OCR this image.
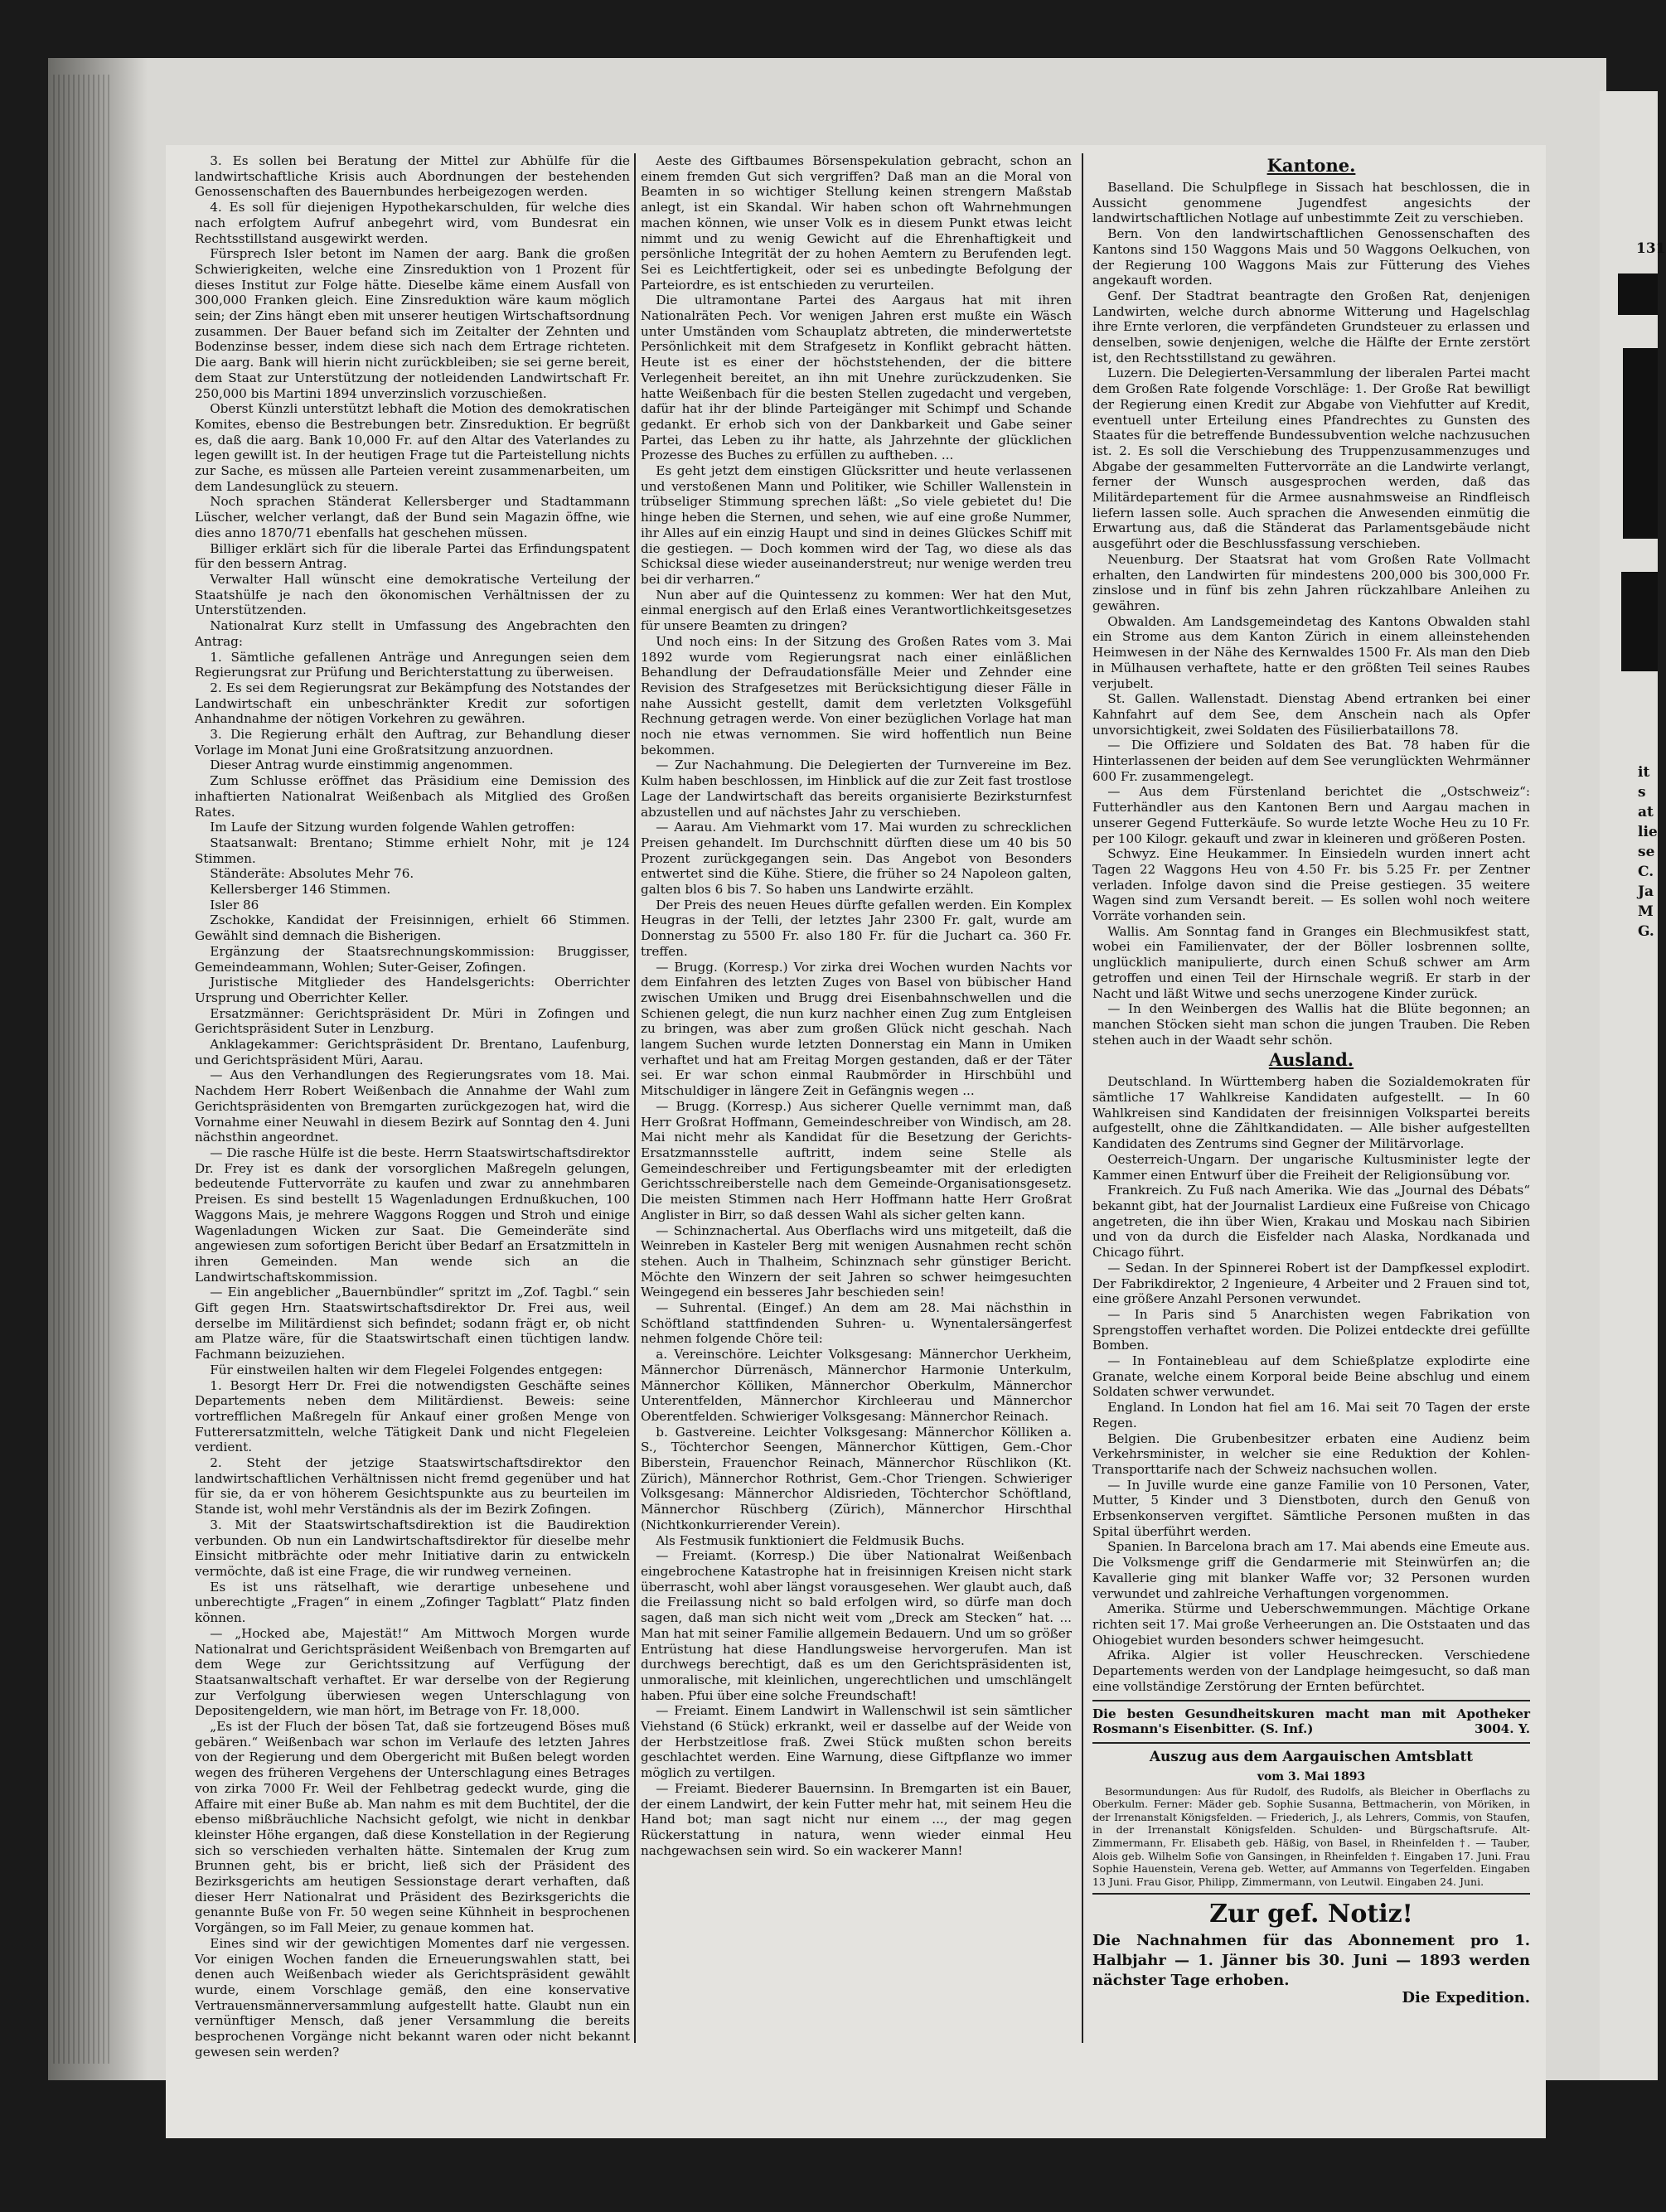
3. Es sollen bei Beratung der Mittel zur Abhülfe für die landwirtschaftliche Krisis auch Abordnungen der bestehenden Genossenschaften des Bauernbundes herbeigezogen werden.

4. Es soll für diejenigen Hypothekarschulden, für welche dies nach erfolgtem Aufruf anbegehrt wird, vom Bundesrat ein Rechtsstillstand ausgewirkt werden.

Fürsprech Isler betont im Namen der aarg. Bank die großen Schwierigkeiten, welche eine Zinsreduktion von 1 Prozent für dieses Institut zur Folge hätte. Dieselbe käme einem Ausfall von 300,000 Franken gleich. Eine Zinsreduktion wäre kaum möglich sein; der Zins hängt eben mit unserer heutigen Wirtschaftsordnung zusammen. Der Bauer befand sich im Zeitalter der Zehnten und Bodenzinse besser, indem diese sich nach dem Ertrage richteten. Die aarg. Bank will hierin nicht zurückbleiben; sie sei gerne bereit, dem Staat zur Unterstützung der notleidenden Landwirtschaft Fr. 250,000 bis Martini 1894 unverzinslich vorzuschießen.

Oberst Künzli unterstützt lebhaft die Motion des demokratischen Komites, ebenso die Bestrebungen betr. Zinsreduktion. Er begrüßt es, daß die aarg. Bank 10,000 Fr. auf den Altar des Vaterlandes zu legen gewillt ist. In der heutigen Frage tut die Parteistellung nichts zur Sache, es müssen alle Parteien vereint zusammenarbeiten, um dem Landesunglück zu steuern.

Noch sprachen Ständerat Kellersberger und Stadtammann Lüscher, welcher verlangt, daß der Bund sein Magazin öffne, wie dies anno 1870/71 ebenfalls hat geschehen müssen.

Billiger erklärt sich für die liberale Partei das Erfindungspatent für den bessern Antrag.

Verwalter Hall wünscht eine demokratische Verteilung der Staatshülfe je nach den ökonomischen Verhältnissen der zu Unterstützenden.

Nationalrat Kurz stellt in Umfassung des Angebrachten den Antrag:

1. Sämtliche gefallenen Anträge und Anregungen seien dem Regierungsrat zur Prüfung und Berichterstattung zu überweisen.

2. Es sei dem Regierungsrat zur Bekämpfung des Notstandes der Landwirtschaft ein unbeschränkter Kredit zur sofortigen Anhandnahme der nötigen Vorkehren zu gewähren.

3. Die Regierung erhält den Auftrag, zur Behandlung dieser Vorlage im Monat Juni eine Großratsitzung anzuordnen.

Dieser Antrag wurde einstimmig angenommen.

Zum Schlusse eröffnet das Präsidium eine Demission des inhaftierten Nationalrat Weißenbach als Mitglied des Großen Rates.

Im Laufe der Sitzung wurden folgende Wahlen getroffen:

Staatsanwalt: Brentano; Stimme erhielt Nohr, mit je 124 Stimmen.

Ständeräte: Absolutes Mehr 76.

Kellersberger 146 Stimmen.

Isler 86

Zschokke, Kandidat der Freisinnigen, erhielt 66 Stimmen. Gewählt sind demnach die Bisherigen.

Ergänzung der Staatsrechnungskommission: Bruggisser, Gemeindeammann, Wohlen; Suter-Geiser, Zofingen.

Juristische Mitglieder des Handelsgerichts: Oberrichter Ursprung und Oberrichter Keller.

Ersatzmänner: Gerichtspräsident Dr. Müri in Zofingen und Gerichtspräsident Suter in Lenzburg.

Anklagekammer: Gerichtspräsident Dr. Brentano, Laufenburg, und Gerichtspräsident Müri, Aarau.

— Aus den Verhandlungen des Regierungsrates vom 18. Mai. Nachdem Herr Robert Weißenbach die Annahme der Wahl zum Gerichtspräsidenten von Bremgarten zurückgezogen hat, wird die Vornahme einer Neuwahl in diesem Bezirk auf Sonntag den 4. Juni nächsthin angeordnet.

— Die rasche Hülfe ist die beste. Herrn Staatswirtschaftsdirektor Dr. Frey ist es dank der vorsorglichen Maßregeln gelungen, bedeutende Futtervorräte zu kaufen und zwar zu annehmbaren Preisen. Es sind bestellt 15 Wagenladungen Erdnußkuchen, 100 Waggons Mais, je mehrere Waggons Roggen und Stroh und einige Wagenladungen Wicken zur Saat. Die Gemeinderäte sind angewiesen zum sofortigen Bericht über Bedarf an Ersatzmitteln in ihren Gemeinden. Man wende sich an die Landwirtschaftskommission.

— Ein angeblicher „Bauernbündler“ spritzt im „Zof. Tagbl.“ sein Gift gegen Hrn. Staatswirtschaftsdirektor Dr. Frei aus, weil derselbe im Militärdienst sich befindet; sodann frägt er, ob nicht am Platze wäre, für die Staatswirtschaft einen tüchtigen landw. Fachmann beizuziehen.

Für einstweilen halten wir dem Flegelei Folgendes entgegen:

1. Besorgt Herr Dr. Frei die notwendigsten Geschäfte seines Departements neben dem Militärdienst. Beweis: seine vortrefflichen Maßregeln für Ankauf einer großen Menge von Futterersatzmitteln, welche Tätigkeit Dank und nicht Flegeleien verdient.

2. Steht der jetzige Staatswirtschaftsdirektor den landwirtschaftlichen Verhältnissen nicht fremd gegenüber und hat für sie, da er von höherem Gesichtspunkte aus zu beurteilen im Stande ist, wohl mehr Verständnis als der im Bezirk Zofingen.

3. Mit der Staatswirtschaftsdirektion ist die Baudirektion verbunden. Ob nun ein Landwirtschaftsdirektor für dieselbe mehr Einsicht mitbrächte oder mehr Initiative darin zu entwickeln vermöchte, daß ist eine Frage, die wir rundweg verneinen.

Es ist uns rätselhaft, wie derartige unbesehene und unberechtigte „Fragen“ in einem „Zofinger Tagblatt“ Platz finden können.

— „Hocked abe, Majestät!“ Am Mittwoch Morgen wurde Nationalrat und Gerichtspräsident Weißenbach von Bremgarten auf dem Wege zur Gerichtssitzung auf Verfügung der Staatsanwaltschaft verhaftet. Er war derselbe von der Regierung zur Verfolgung überwiesen wegen Unterschlagung von Depositengeldern, wie man hört, im Betrage von Fr. 18,000.

„Es ist der Fluch der bösen Tat, daß sie fortzeugend Böses muß gebären.“ Weißenbach war schon im Verlaufe des letzten Jahres von der Regierung und dem Obergericht mit Bußen belegt worden wegen des früheren Vergehens der Unterschlagung eines Betrages von zirka 7000 Fr. Weil der Fehlbetrag gedeckt wurde, ging die Affaire mit einer Buße ab. Man nahm es mit dem Buchtitel, der die ebenso mißbräuchliche Nachsicht gefolgt, wie nicht in denkbar kleinster Höhe ergangen, daß diese Konstellation in der Regierung sich so verschieden verhalten hätte. Sintemalen der Krug zum Brunnen geht, bis er bricht, ließ sich der Präsident des Bezirksgerichts am heutigen Sessionstage derart verhaften, daß dieser Herr Nationalrat und Präsident des Bezirksgerichts die genannte Buße von Fr. 50 wegen seine Kühnheit in besprochenen Vorgängen, so im Fall Meier, zu genaue kommen hat.

Eines sind wir der gewichtigen Momentes darf nie vergessen. Vor einigen Wochen fanden die Erneuerungswahlen statt, bei denen auch Weißenbach wieder als Gerichtspräsident gewählt wurde, einem Vorschlage gemäß, den eine konservative Vertrauensmännerversammlung aufgestellt hatte. Glaubt nun ein vernünftiger Mensch, daß jener Versammlung die bereits besprochenen Vorgänge nicht bekannt waren oder nicht bekannt gewesen sein werden?

Aeste des Giftbaumes Börsenspekulation gebracht, schon an einem fremden Gut sich vergriffen? Daß man an die Moral von Beamten in so wichtiger Stellung keinen strengern Maßstab anlegt, ist ein Skandal. Wir haben schon oft Wahrnehmungen machen können, wie unser Volk es in diesem Punkt etwas leicht nimmt und zu wenig Gewicht auf die Ehrenhaftigkeit und persönliche Integrität der zu hohen Aemtern zu Berufenden legt. Sei es Leichtfertigkeit, oder sei es unbedingte Befolgung der Parteiordre, es ist entschieden zu verurteilen.

Die ultramontane Partei des Aargaus hat mit ihren Nationalräten Pech. Vor wenigen Jahren erst mußte ein Wäsch unter Umständen vom Schauplatz abtreten, die minderwertetste Persönlichkeit mit dem Strafgesetz in Konflikt gebracht hätten. Heute ist es einer der höchststehenden, der die bittere Verlegenheit bereitet, an ihn mit Unehre zurückzudenken. Sie hatte Weißenbach für die besten Stellen zugedacht und vergeben, dafür hat ihr der blinde Parteigänger mit Schimpf und Schande gedankt. Er erhob sich von der Dankbarkeit und Gabe seiner Partei, das Leben zu ihr hatte, als Jahrzehnte der glücklichen Prozesse des Buches zu erfüllen zu auftheben. ...

Es geht jetzt dem einstigen Glücksritter und heute verlassenen und verstoßenen Mann und Politiker, wie Schiller Wallenstein in trübseliger Stimmung sprechen läßt: „So viele gebietet du! Die hinge heben die Sternen, und sehen, wie auf eine große Nummer, ihr Alles auf ein einzig Haupt und sind in deines Glückes Schiff mit die gestiegen. — Doch kommen wird der Tag, wo diese als das Schicksal diese wieder auseinanderstreut; nur wenige werden treu bei dir verharren.“

Nun aber auf die Quintessenz zu kommen: Wer hat den Mut, einmal energisch auf den Erlaß eines Verantwortlichkeitsgesetzes für unsere Beamten zu dringen?

Und noch eins: In der Sitzung des Großen Rates vom 3. Mai 1892 wurde vom Regierungsrat nach einer einläßlichen Behandlung der Defraudationsfälle Meier und Zehnder eine Revision des Strafgesetzes mit Berücksichtigung dieser Fälle in nahe Aussicht gestellt, damit dem verletzten Volksgefühl Rechnung getragen werde. Von einer bezüglichen Vorlage hat man noch nie etwas vernommen. Sie wird hoffentlich nun Beine bekommen.

— Zur Nachahmung. Die Delegierten der Turnvereine im Bez. Kulm haben beschlossen, im Hinblick auf die zur Zeit fast trostlose Lage der Landwirtschaft das bereits organisierte Bezirksturnfest abzustellen und auf nächstes Jahr zu verschieben.

— Aarau. Am Viehmarkt vom 17. Mai wurden zu schrecklichen Preisen gehandelt. Im Durchschnitt dürften diese um 40 bis 50 Prozent zurückgegangen sein. Das Angebot von Besonders entwertet sind die Kühe. Stiere, die früher so 24 Napoleon galten, galten blos 6 bis 7. So haben uns Landwirte erzählt.

Der Preis des neuen Heues dürfte gefallen werden. Ein Komplex Heugras in der Telli, der letztes Jahr 2300 Fr. galt, wurde am Donnerstag zu 5500 Fr. also 180 Fr. für die Juchart ca. 360 Fr. treffen.

— Brugg. (Korresp.) Vor zirka drei Wochen wurden Nachts vor dem Einfahren des letzten Zuges von Basel von bübischer Hand zwischen Umiken und Brugg drei Eisenbahnschwellen und die Schienen gelegt, die nun kurz nachher einen Zug zum Entgleisen zu bringen, was aber zum großen Glück nicht geschah. Nach langem Suchen wurde letzten Donnerstag ein Mann in Umiken verhaftet und hat am Freitag Morgen gestanden, daß er der Täter sei. Er war schon einmal Raubmörder in Hirschbühl und Mitschuldiger in längere Zeit in Gefängnis wegen ...

— Brugg. (Korresp.) Aus sicherer Quelle vernimmt man, daß Herr Großrat Hoffmann, Gemeindeschreiber von Windisch, am 28. Mai nicht mehr als Kandidat für die Besetzung der Gerichts-Ersatzmannsstelle auftritt, indem seine Stelle als Gemeindeschreiber und Fertigungsbeamter mit der erledigten Gerichtsschreiberstelle nach dem Gemeinde-Organisationsgesetz. Die meisten Stimmen nach Herr Hoffmann hatte Herr Großrat Anglister in Birr, so daß dessen Wahl als sicher gelten kann.

— Schinznachertal. Aus Oberflachs wird uns mitgeteilt, daß die Weinreben in Kasteler Berg mit wenigen Ausnahmen recht schön stehen. Auch in Thalheim, Schinznach sehr günstiger Bericht. Möchte den Winzern der seit Jahren so schwer heimgesuchten Weingegend ein besseres Jahr beschieden sein!

— Suhrental. (Eingef.) An dem am 28. Mai nächsthin in Schöftland stattfindenden Suhren- u. Wynentalersängerfest nehmen folgende Chöre teil:

a. Vereinschöre. Leichter Volksgesang: Männerchor Uerkheim, Männerchor Dürrenäsch, Männerchor Harmonie Unterkulm, Männerchor Kölliken, Männerchor Oberkulm, Männerchor Unterentfelden, Männerchor Kirchleerau und Männerchor Oberentfelden. Schwieriger Volksgesang: Männerchor Reinach.

b. Gastvereine. Leichter Volksgesang: Männerchor Kölliken a. S., Töchterchor Seengen, Männerchor Küttigen, Gem.-Chor Biberstein, Frauenchor Reinach, Männerchor Rüschlikon (Kt. Zürich), Männerchor Rothrist, Gem.-Chor Triengen. Schwieriger Volksgesang: Männerchor Aldisrieden, Töchterchor Schöftland, Männerchor Rüschberg (Zürich), Männerchor Hirschthal (Nichtkonkurrierender Verein).

Als Festmusik funktioniert die Feldmusik Buchs.

— Freiamt. (Korresp.) Die über Nationalrat Weißenbach eingebrochene Katastrophe hat in freisinnigen Kreisen nicht stark überrascht, wohl aber längst vorausgesehen. Wer glaubt auch, daß die Freilassung nicht so bald erfolgen wird, so dürfe man doch sagen, daß man sich nicht weit vom „Dreck am Stecken“ hat. ... Man hat mit seiner Familie allgemein Bedauern. Und um so größer Entrüstung hat diese Handlungsweise hervorgerufen. Man ist durchwegs berechtigt, daß es um den Gerichtspräsidenten ist, unmoralische, mit kleinlichen, ungerechtlichen und umschlängelt haben. Pfui über eine solche Freundschaft!

— Freiamt. Einem Landwirt in Wallenschwil ist sein sämtlicher Viehstand (6 Stück) erkrankt, weil er dasselbe auf der Weide von der Herbstzeitlose fraß. Zwei Stück mußten schon bereits geschlachtet werden. Eine Warnung, diese Giftpflanze wo immer möglich zu vertilgen.

— Freiamt. Biederer Bauernsinn. In Bremgarten ist ein Bauer, der einem Landwirt, der kein Futter mehr hat, mit seinem Heu die Hand bot; man sagt nicht nur einem ..., der mag gegen Rückerstattung in natura, wenn wieder einmal Heu nachgewachsen sein wird. So ein wackerer Mann!

Kantone.

Baselland. Die Schulpflege in Sissach hat beschlossen, die in Aussicht genommene Jugendfest angesichts der landwirtschaftlichen Notlage auf unbestimmte Zeit zu verschieben.

Bern. Von den landwirtschaftlichen Genossenschaften des Kantons sind 150 Waggons Mais und 50 Waggons Oelkuchen, von der Regierung 100 Waggons Mais zur Fütterung des Viehes angekauft worden.

Genf. Der Stadtrat beantragte den Großen Rat, denjenigen Landwirten, welche durch abnorme Witterung und Hagelschlag ihre Ernte verloren, die verpfändeten Grundsteuer zu erlassen und denselben, sowie denjenigen, welche die Hälfte der Ernte zerstört ist, den Rechtsstillstand zu gewähren.

Luzern. Die Delegierten-Versammlung der liberalen Partei macht dem Großen Rate folgende Vorschläge: 1. Der Große Rat bewilligt der Regierung einen Kredit zur Abgabe von Viehfutter auf Kredit, eventuell unter Erteilung eines Pfandrechtes zu Gunsten des Staates für die betreffende Bundessubvention welche nachzusuchen ist. 2. Es soll die Verschiebung des Truppenzusammenzuges und Abgabe der gesammelten Futtervorräte an die Landwirte verlangt, ferner der Wunsch ausgesprochen werden, daß das Militärdepartement für die Armee ausnahmsweise an Rindfleisch liefern lassen solle. Auch sprachen die Anwesenden einmütig die Erwartung aus, daß die Ständerat das Parlamentsgebäude nicht ausgeführt oder die Beschlussfassung verschieben.

Neuenburg. Der Staatsrat hat vom Großen Rate Vollmacht erhalten, den Landwirten für mindestens 200,000 bis 300,000 Fr. zinslose und in fünf bis zehn Jahren rückzahlbare Anleihen zu gewähren.

Obwalden. Am Landsgemeindetag des Kantons Obwalden stahl ein Strome aus dem Kanton Zürich in einem alleinstehenden Heimwesen in der Nähe des Kernwaldes 1500 Fr. Als man den Dieb in Mülhausen verhaftete, hatte er den größten Teil seines Raubes verjubelt.

St. Gallen. Wallenstadt. Dienstag Abend ertranken bei einer Kahnfahrt auf dem See, dem Anschein nach als Opfer unvorsichtigkeit, zwei Soldaten des Füsilierbataillons 78.

— Die Offiziere und Soldaten des Bat. 78 haben für die Hinterlassenen der beiden auf dem See verunglückten Wehrmänner 600 Fr. zusammengelegt.

— Aus dem Fürstenland berichtet die „Ostschweiz“: Futterhändler aus den Kantonen Bern und Aargau machen in unserer Gegend Futterkäufe. So wurde letzte Woche Heu zu 10 Fr. per 100 Kilogr. gekauft und zwar in kleineren und größeren Posten.

Schwyz. Eine Heukammer. In Einsiedeln wurden innert acht Tagen 22 Waggons Heu von 4.50 Fr. bis 5.25 Fr. per Zentner verladen. Infolge davon sind die Preise gestiegen. 35 weitere Wagen sind zum Versandt bereit. — Es sollen wohl noch weitere Vorräte vorhanden sein.

Wallis. Am Sonntag fand in Granges ein Blechmusikfest statt, wobei ein Familienvater, der der Böller losbrennen sollte, unglücklich manipulierte, durch einen Schuß schwer am Arm getroffen und einen Teil der Hirnschale wegriß. Er starb in der Nacht und läßt Witwe und sechs unerzogene Kinder zurück.

— In den Weinbergen des Wallis hat die Blüte begonnen; an manchen Stöcken sieht man schon die jungen Trauben. Die Reben stehen auch in der Waadt sehr schön.

Ausland.

Deutschland. In Württemberg haben die Sozialdemokraten für sämtliche 17 Wahlkreise Kandidaten aufgestellt. — In 60 Wahlkreisen sind Kandidaten der freisinnigen Volkspartei bereits aufgestellt, ohne die Zähltkandidaten. — Alle bisher aufgestellten Kandidaten des Zentrums sind Gegner der Militärvorlage.

Oesterreich-Ungarn. Der ungarische Kultusminister legte der Kammer einen Entwurf über die Freiheit der Religionsübung vor.

Frankreich. Zu Fuß nach Amerika. Wie das „Journal des Débats“ bekannt gibt, hat der Journalist Lardieux eine Fußreise von Chicago angetreten, die ihn über Wien, Krakau und Moskau nach Sibirien und von da durch die Eisfelder nach Alaska, Nordkanada und Chicago führt.

— Sedan. In der Spinnerei Robert ist der Dampfkessel explodirt. Der Fabrikdirektor, 2 Ingenieure, 4 Arbeiter und 2 Frauen sind tot, eine größere Anzahl Personen verwundet.

— In Paris sind 5 Anarchisten wegen Fabrikation von Sprengstoffen verhaftet worden. Die Polizei entdeckte drei gefüllte Bomben.

— In Fontainebleau auf dem Schießplatze explodirte eine Granate, welche einem Korporal beide Beine abschlug und einem Soldaten schwer verwundet.

England. In London hat fiel am 16. Mai seit 70 Tagen der erste Regen.

Belgien. Die Grubenbesitzer erbaten eine Audienz beim Verkehrsminister, in welcher sie eine Reduktion der Kohlen-Transporttarife nach der Schweiz nachsuchen wollen.

— In Juville wurde eine ganze Familie von 10 Personen, Vater, Mutter, 5 Kinder und 3 Dienstboten, durch den Genuß von Erbsenkonserven vergiftet. Sämtliche Personen mußten in das Spital überführt werden.

Spanien. In Barcelona brach am 17. Mai abends eine Emeute aus. Die Volksmenge griff die Gendarmerie mit Steinwürfen an; die Kavallerie ging mit blanker Waffe vor; 32 Personen wurden verwundet und zahlreiche Verhaftungen vorgenommen.

Amerika. Stürme und Ueberschwemmungen. Mächtige Orkane richten seit 17. Mai große Verheerungen an. Die Oststaaten und das Ohiogebiet wurden besonders schwer heimgesucht.

Afrika. Algier ist voller Heuschrecken. Verschiedene Departements werden von der Landplage heimgesucht, so daß man eine vollständige Zerstörung der Ernten befürchtet.

Die besten Gesundheitskuren macht man mit Apotheker Rosmann's Eisenbitter. (S. Inf.)	3004. Y.

Auszug aus dem Aargauischen Amtsblatt
vom 3. Mai 1893

Besormundungen: Aus für Rudolf, des Rudolfs, als Bleicher in Oberflachs zu Oberkulm. Ferner: Mäder geb. Sophie Susanna, Bettmacherin, von Möriken, in der Irrenanstalt Königsfelden. — Friederich, J., als Lehrers, Commis, von Staufen, in der Irrenanstalt Königsfelden. Schulden- und Bürgschaftsrufe. Alt-Zimmermann, Fr. Elisabeth geb. Häßig, von Basel, in Rheinfelden †. — Tauber, Alois geb. Wilhelm Sofie von Gansingen, in Rheinfelden †. Eingaben 17. Juni. Frau Sophie Hauenstein, Verena geb. Wetter, auf Ammanns von Tegerfelden. Eingaben 13 Juni. Frau Gisor, Philipp, Zimmermann, von Leutwil. Eingaben 24. Juni.

Zur gef. Notiz!

Die Nachnahmen für das Abonnement pro 1. Halbjahr — 1. Jänner bis 30. Juni — 1893 werden nächster Tage erhoben.

Die Expedition.
131
it
s
at
lie
se
C.
Ja
M
G.
